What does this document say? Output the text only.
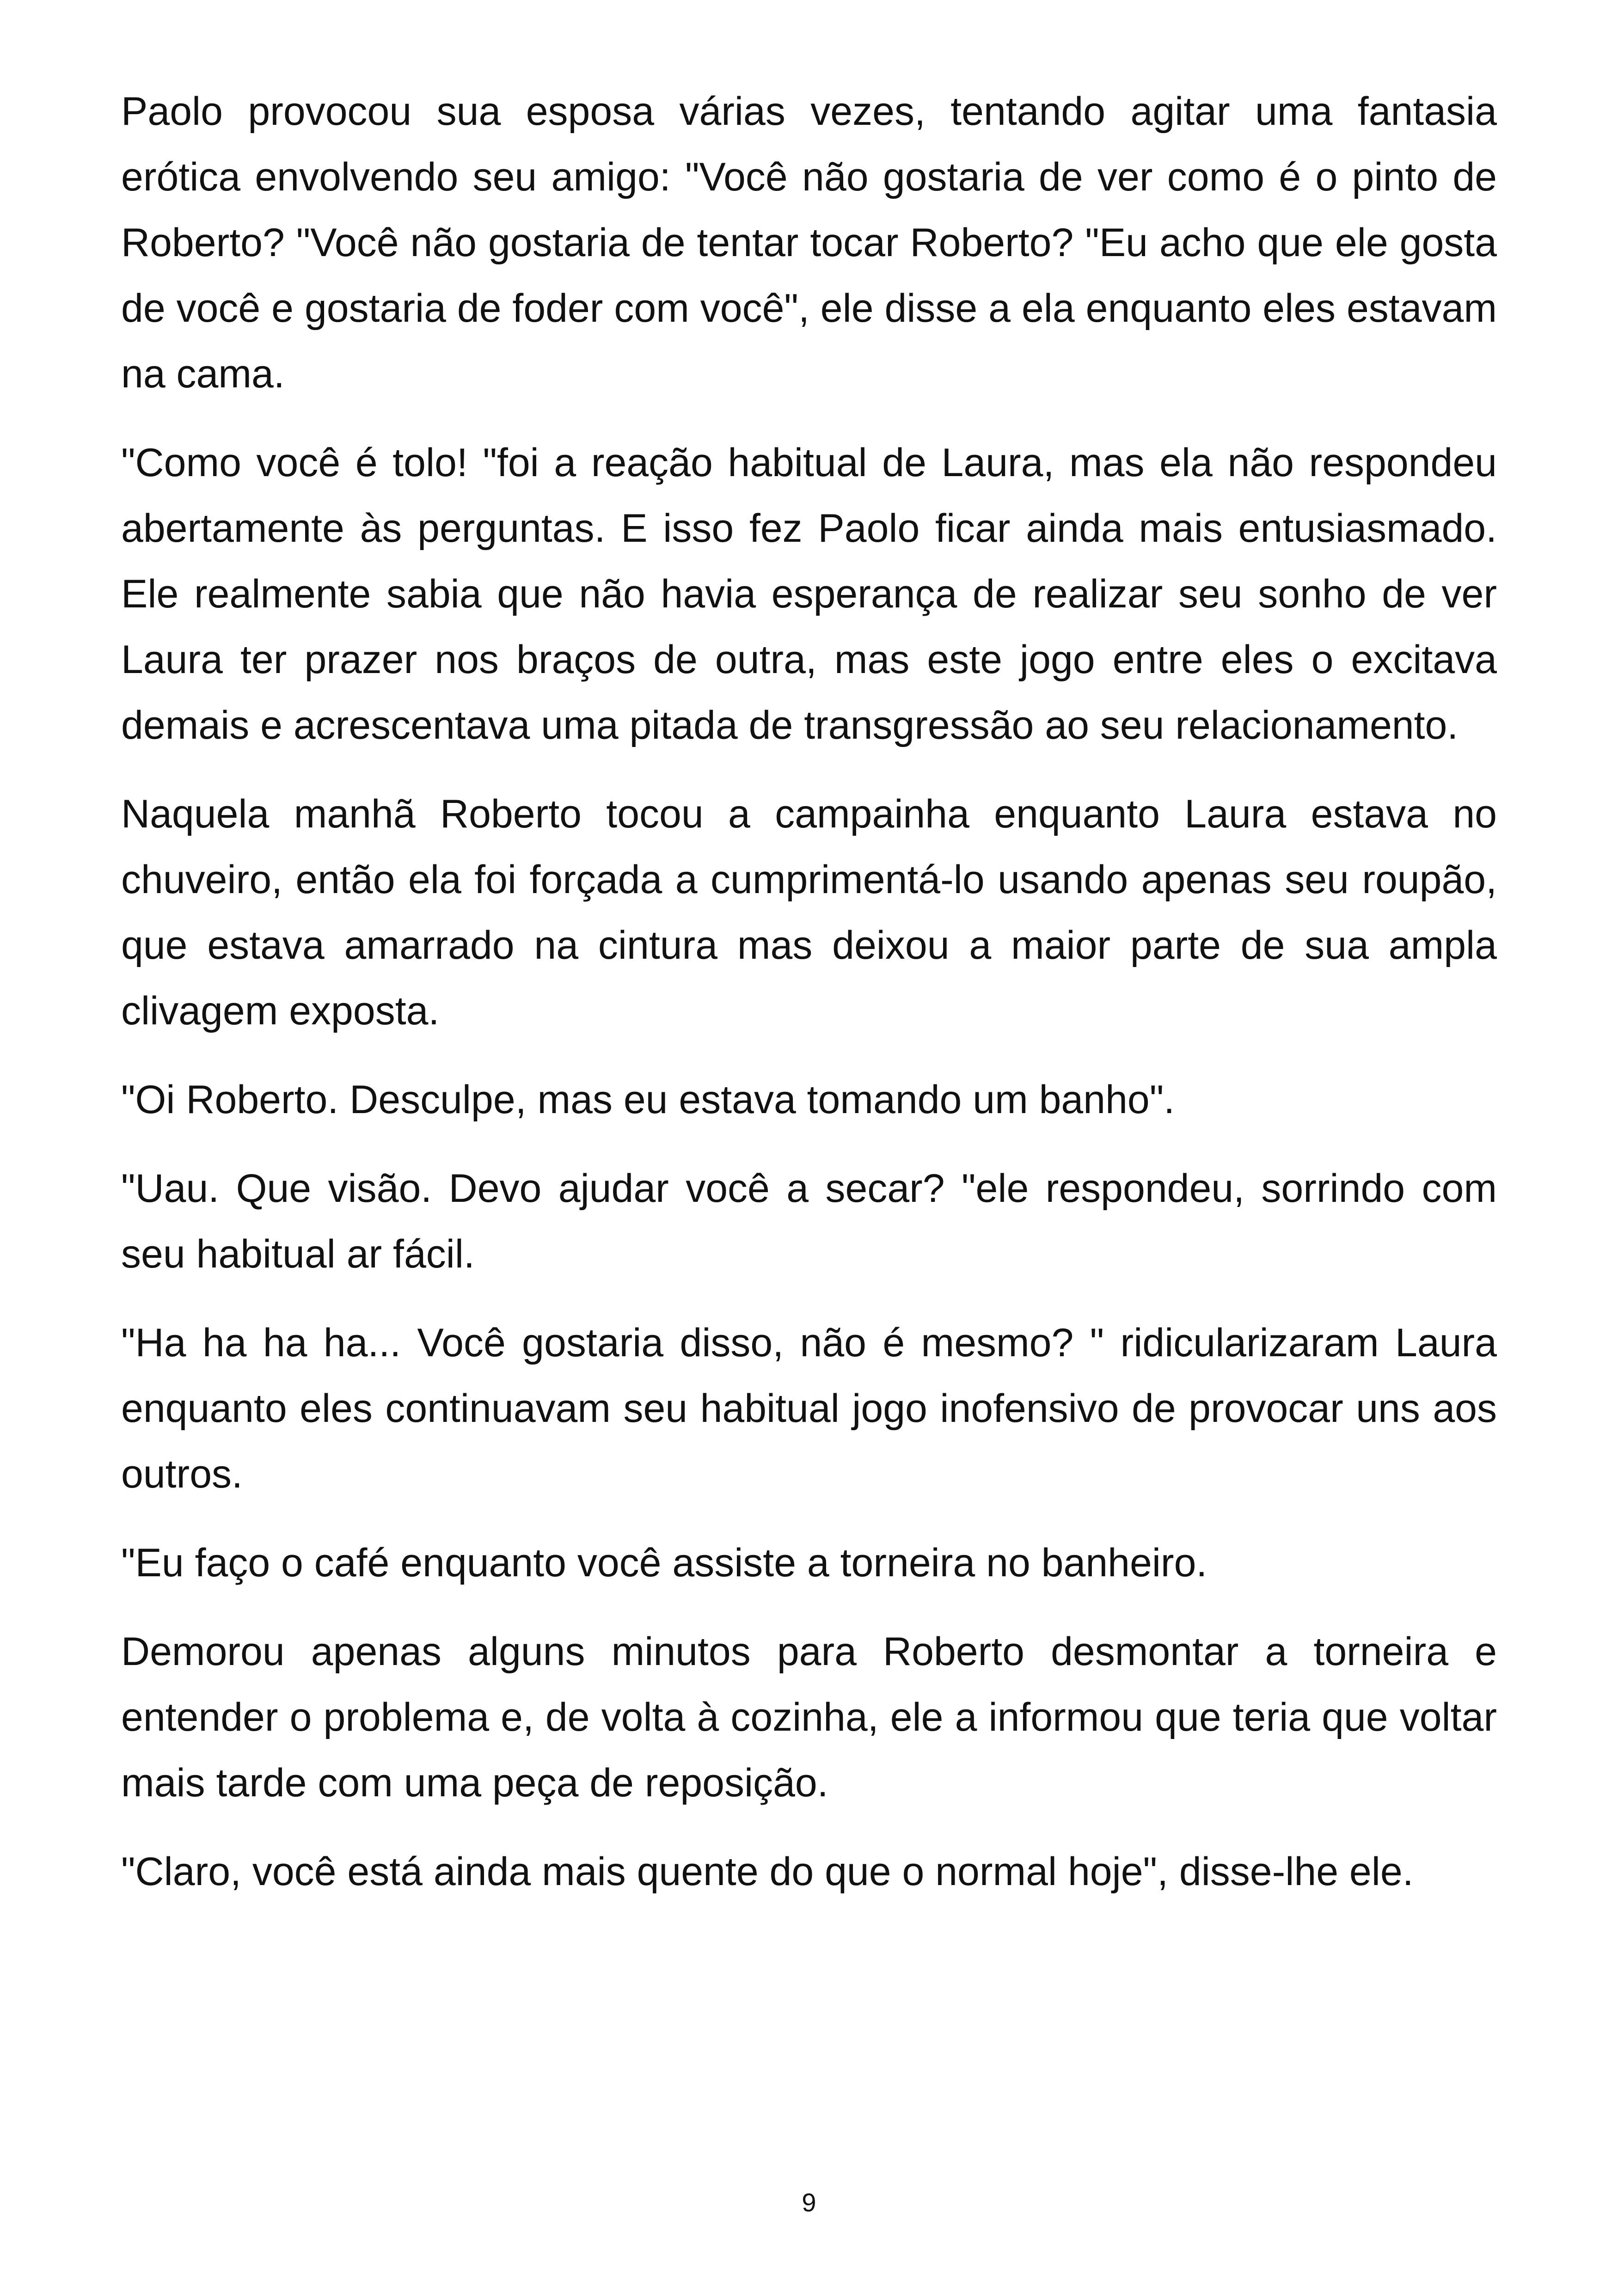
Paolo provocou sua esposa várias vezes, tentando agitar uma fantasia erótica envolvendo seu amigo: "Você não gostaria de ver como é o pinto de Roberto? "Você não gostaria de tentar tocar Roberto? "Eu acho que ele gosta de você e gostaria de foder com você", ele disse a ela enquanto eles estavam na cama.

"Como você é tolo! "foi a reação habitual de Laura, mas ela não respondeu abertamente às perguntas. E isso fez Paolo ficar ainda mais entusiasmado. Ele realmente sabia que não havia esperança de realizar seu sonho de ver Laura ter prazer nos braços de outra, mas este jogo entre eles o excitava demais e acrescentava uma pitada de transgressão ao seu relacionamento.

Naquela manhã Roberto tocou a campainha enquanto Laura estava no chuveiro, então ela foi forçada a cumprimentá-lo usando apenas seu roupão, que estava amarrado na cintura mas deixou a maior parte de sua ampla clivagem exposta.

"Oi Roberto. Desculpe, mas eu estava tomando um banho".

"Uau. Que visão. Devo ajudar você a secar? "ele respondeu, sorrindo com seu habitual ar fácil.

"Ha ha ha ha... Você gostaria disso, não é mesmo? " ridicularizaram Laura enquanto eles continuavam seu habitual jogo inofensivo de provocar uns aos outros.

"Eu faço o café enquanto você assiste a torneira no banheiro.

Demorou apenas alguns minutos para Roberto desmontar a torneira e entender o problema e, de volta à cozinha, ele a informou que teria que voltar mais tarde com uma peça de reposição.

"Claro, você está ainda mais quente do que o normal hoje", disse-lhe ele.

9
